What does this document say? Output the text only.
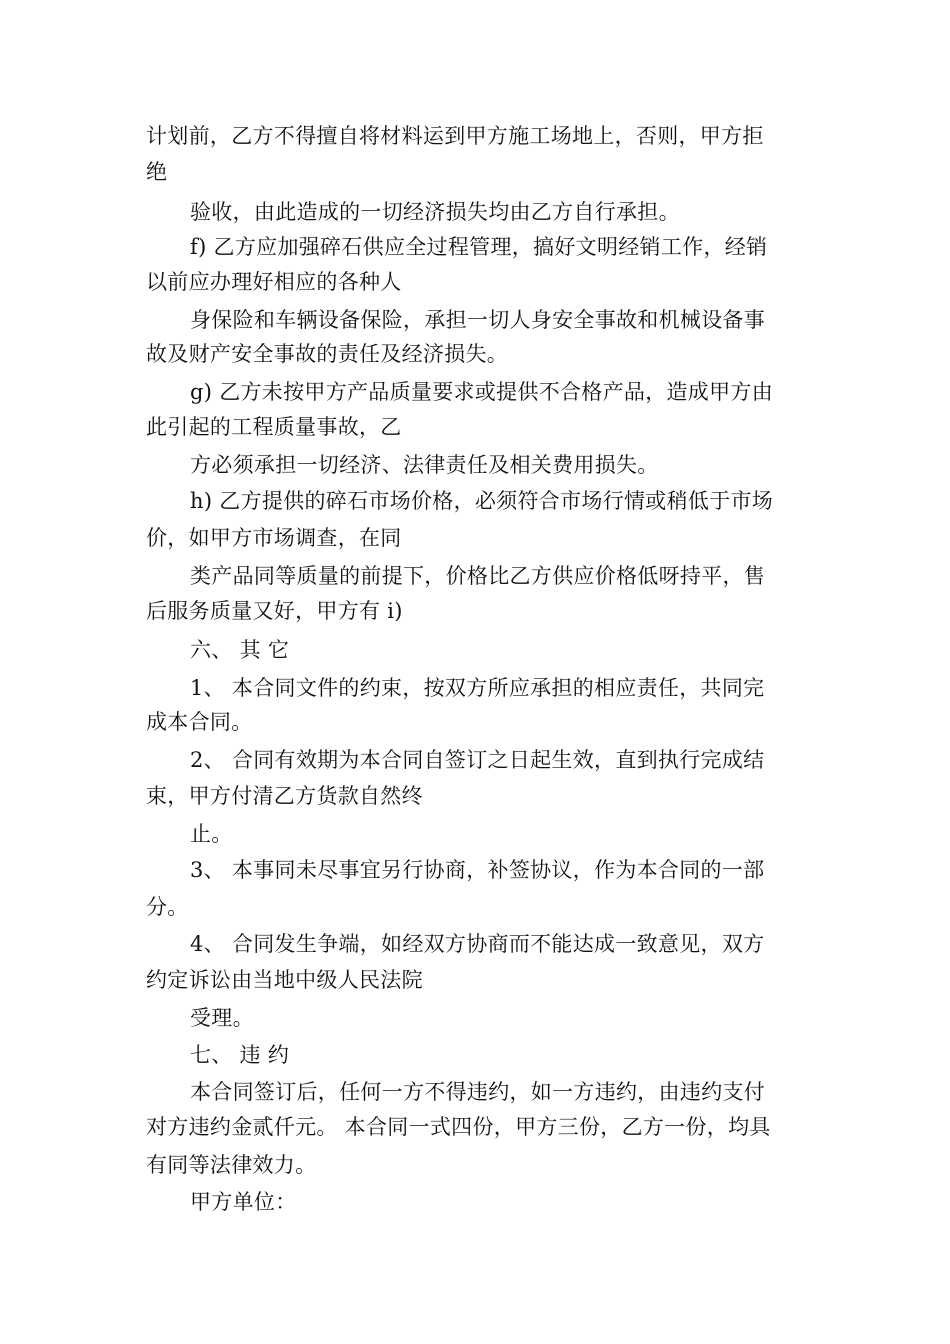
计划前，乙方不得擅自将材料运到甲方施工场地上，否则，甲方拒
绝
验收，由此造成的一切经济损失均由乙方自行承担。
f) 乙方应加强碎石供应全过程管理，搞好文明经销工作，经销
以前应办理好相应的各种人
身保险和车辆设备保险，承担一切人身安全事故和机械设备事
故及财产安全事故的责任及经济损失。
g) 乙方未按甲方产品质量要求或提供不合格产品，造成甲方由
此引起的工程质量事故，乙
方必须承担一切经济、法律责任及相关费用损失。
h) 乙方提供的碎石市场价格，必须符合市场行情或稍低于市场
价，如甲方市场调查，在同
类产品同等质量的前提下，价格比乙方供应价格低呀持平，售
后服务质量又好，甲方有 i)
六、 其 它
1、 本合同文件的约束，按双方所应承担的相应责任，共同完
成本合同。
2、 合同有效期为本合同自签订之日起生效，直到执行完成结
束，甲方付清乙方货款自然终
止。
3、 本事同未尽事宜另行协商，补签协议，作为本合同的一部
分。
4、 合同发生争端，如经双方协商而不能达成一致意见，双方
约定诉讼由当地中级人民法院
受理。
七、 违 约
本合同签订后，任何一方不得违约，如一方违约，由违约支付
对方违约金贰仟元。 本合同一式四份，甲方三份，乙方一份，均具
有同等法律效力。
甲方单位：
